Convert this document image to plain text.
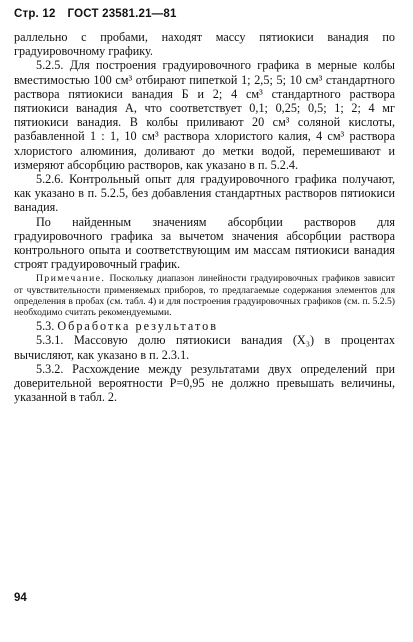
Стр. 12 ГОСТ 23581.21—81

раллельно с пробами, находят массу пятиокиси ванадия по градуировочному графику.

5.2.5. Для построения градуировочного графика в мерные колбы вместимостью 100 см³ отбирают пипеткой 1; 2,5; 5; 10 см³ стандартного раствора пятиокиси ванадия Б и 2; 4 см³ стандартного раствора пятиокиси ванадия А, что соответствует 0,1; 0,25; 0,5; 1; 2; 4 мг пятиокиси ванадия. В колбы приливают 20 см³ соляной кислоты, разбавленной 1 : 1, 10 см³ раствора хлористого калия, 4 см³ раствора хлористого алюминия, доливают до метки водой, перемешивают и измеряют абсорбцию растворов, как указано в п. 5.2.4.

5.2.6. Контрольный опыт для градуировочного графика получают, как указано в п. 5.2.5, без добавления стандартных растворов пятиокиси ванадия.

По найденным значениям абсорбции растворов для градуировочного графика за вычетом значения абсорбции раствора контрольного опыта и соответствующим им массам пятиокиси ванадия строят градуировочный график.

Примечание. Поскольку диапазон линейности градуировочных графиков зависит от чувствительности применяемых приборов, то предлагаемые содержания элементов для определения в пробах (см. табл. 4) и для построения градуировочных графиков (см. п. 5.2.5) необходимо считать рекомендуемыми.

5.3. Обработка результатов

5.3.1. Массовую долю пятиокиси ванадия (X₃) в процентах вычисляют, как указано в п. 2.3.1.

5.3.2. Расхождение между результатами двух определений при доверительной вероятности P=0,95 не должно превышать величины, указанной в табл. 2.

94
